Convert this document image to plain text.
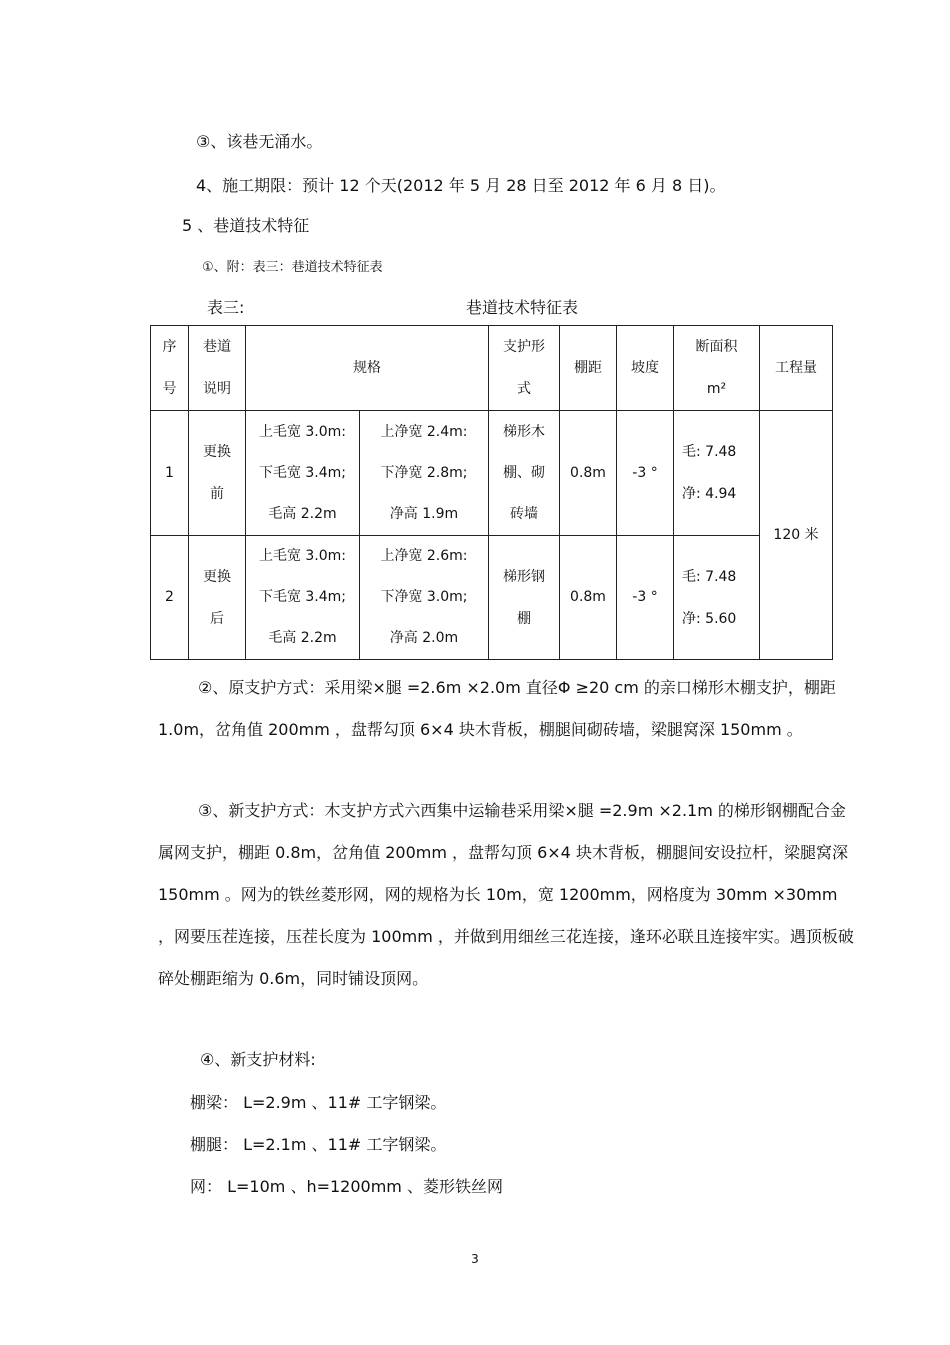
③、该巷无涌水。
4、施工期限：预计 12 个天(2012 年 5 月 28 日至 2012 年 6 月 8 日)。
5 、巷道技术特征
①、附：表三：巷道技术特征表
表三:	巷道技术特征表
序
号	巷道
说明	规格		支护形
式	棚距	坡度	断面积
m²	工程量

1	更换
前	上毛宽 3.0m:
下毛宽 3.4m;
毛高 2.2m	上净宽 2.4m:
下净宽 2.8m;
净高 1.9m	梯形木
棚、砌
砖墙	0.8m	-3 °	毛: 7.48
净: 4.94	120 米

2	更换
后	上毛宽 3.0m:
下毛宽 3.4m;
毛高 2.2m	上净宽 2.6m:
下净宽 3.0m;
净高 2.0m	梯形钢
棚	0.8m	-3 °	毛: 7.48
净: 5.60	
②、原支护方式：采用梁×腿 =2.6m ×2.0m 直径Φ ≥20 cm 的亲口梯形木棚支护，棚距 1.0m，岔角值 200mm ，盘帮勾顶 6×4 块木背板，棚腿间砌砖墙，梁腿窝深 150mm 。
③、新支护方式：木支护方式六西集中运输巷采用梁×腿 =2.9m ×2.1m 的梯形钢棚配合金属网支护，棚距 0.8m，岔角值 200mm ，盘帮勾顶 6×4 块木背板，棚腿间安设拉杆，梁腿窝深 150mm 。网为的铁丝菱形网，网的规格为长 10m，宽 1200mm，网格度为 30mm ×30mm ，网要压茬连接，压茬长度为 100mm ，并做到用细丝三花连接，逢环必联且连接牢实。遇顶板破碎处棚距缩为 0.6m，同时铺设顶网。
④、新支护材料:
棚梁： L=2.9m 、11# 工字钢梁。
棚腿： L=2.1m 、11# 工字钢梁。
网： L=10m 、h=1200mm 、菱形铁丝网
3
